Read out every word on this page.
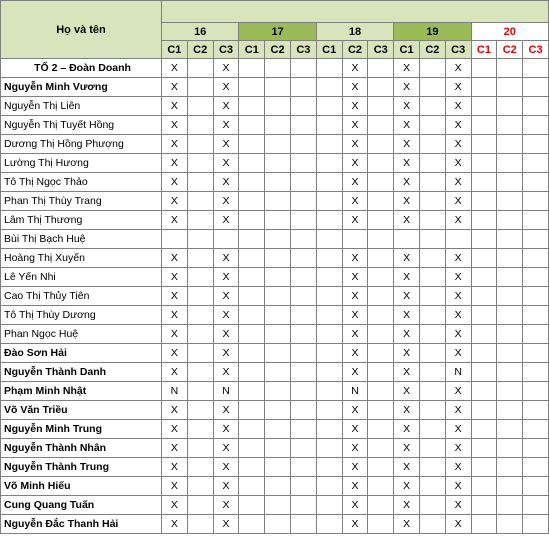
Họ và tên															
	16			17			18			19			20		
	C1	C2	C3	C1	C2	C3	C1	C2	C3	C1	C2	C3	C1	C2	C3
TỔ 2 – Đoàn Doanh	X		X					X		X		X			
Nguyễn Minh Vương	X		X					X		X		X			
Nguyễn Thị Liên	X		X					X		X		X			
Nguyễn Thị Tuyết Hồng	X		X					X		X		X			
Dương Thị Hồng Phượng	X		X					X		X		X			
Lường Thị Hương	X		X					X		X		X			
Tô Thị Ngọc Thảo	X		X					X		X		X			
Phan Thị Thùy Trang	X		X					X		X		X			
Lâm Thị Thương	X		X					X		X		X			
Bùi Thị Bạch Huệ															
Hoàng Thị Xuyến	X		X					X		X		X			
Lê Yến Nhi	X		X					X		X		X			
Cao Thị Thủy Tiên	X		X					X		X		X			
Tô Thị Thùy Dương	X		X					X		X		X			
Phan Ngọc Huệ	X		X					X		X		X			
Đào Sơn Hải	X		X					X		X		X			
Nguyễn Thành Danh	X		X					X		X		N			
Phạm Minh Nhật	N		N					N		X		X			
Võ Văn Triều	X		X					X		X		X			
Nguyễn Minh Trung	X		X					X		X		X			
Nguyễn Thành Nhân	X		X					X		X		X			
Nguyễn Thành Trung	X		X					X		X		X			
Võ Minh Hiếu	X		X					X		X		X			
Cung Quang Tuấn	X		X					X		X		X			
Nguyễn Đắc Thanh Hải	X		X					X		X		X			
